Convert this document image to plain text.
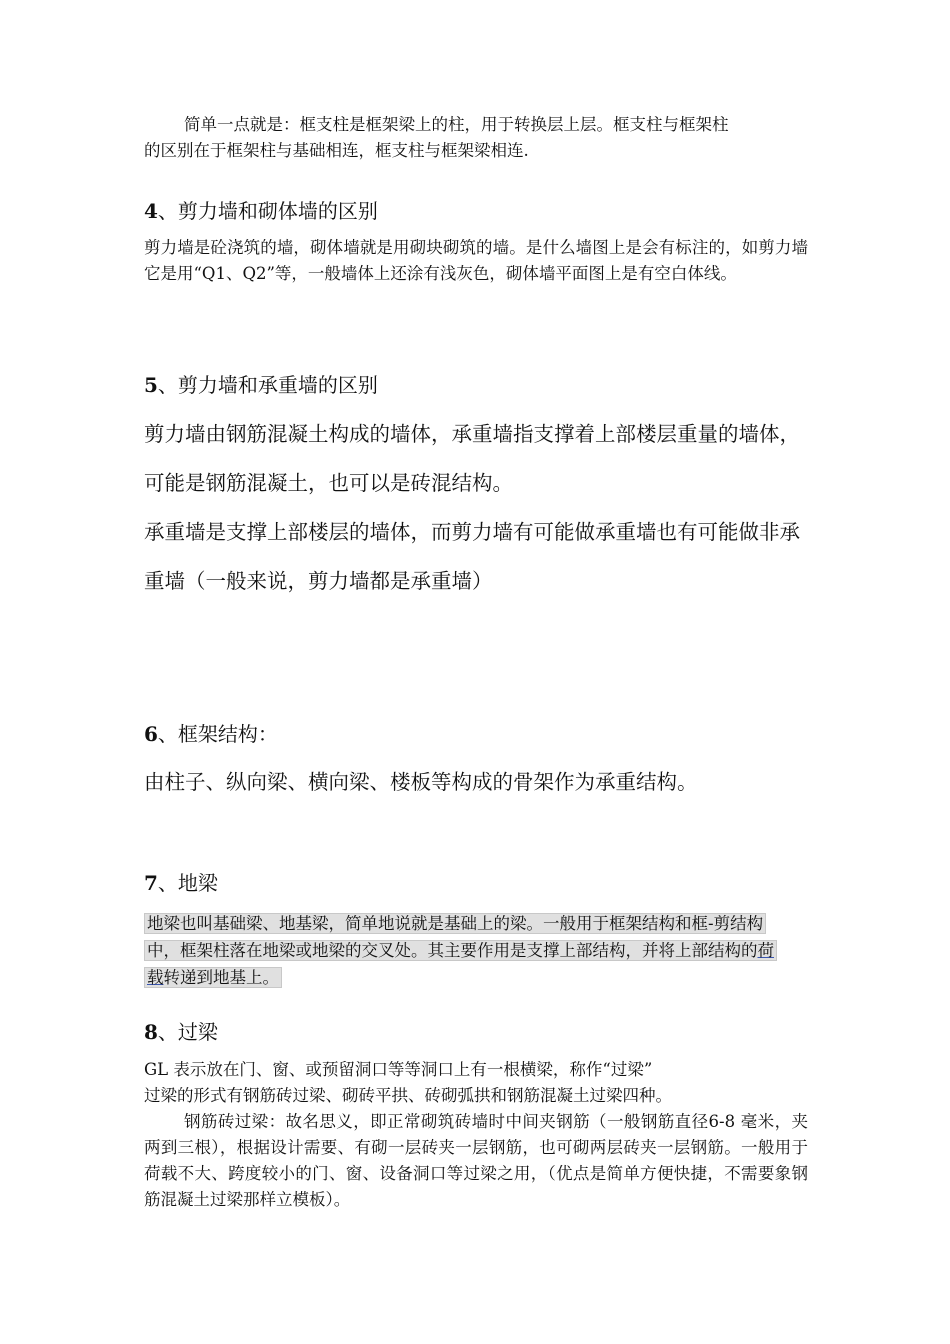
简单一点就是：框支柱是框架梁上的柱，用于转换层上层。框支柱与框架柱
的区别在于框架柱与基础相连，框支柱与框架梁相连.
4、剪力墙和砌体墙的区别
剪力墙是砼浇筑的墙，砌体墙就是用砌块砌筑的墙。是什么墙图上是会有标注的，如剪力墙它是用“Q1、Q2”等，一般墙体上还涂有浅灰色，砌体墙平面图上是有空白体线。
5、剪力墙和承重墙的区别
剪力墙由钢筋混凝土构成的墙体，承重墙指支撑着上部楼层重量的墙体，可能是钢筋混凝土，也可以是砖混结构。
承重墙是支撑上部楼层的墙体，而剪力墙有可能做承重墙也有可能做非承重墙（一般来说，剪力墙都是承重墙）
6、框架结构：
由柱子、纵向梁、横向梁、楼板等构成的骨架作为承重结构。
7、地梁
地梁也叫基础梁、地基梁，简单地说就是基础上的梁。一般用于框架结构和框-剪结构
中，框架柱落在地梁或地梁的交叉处。其主要作用是支撑上部结构，并将上部结构的荷
载转递到地基上。
8、过梁
GL 表示放在门、窗、或预留洞口等等洞口上有一根横梁，称作“过梁”
过梁的形式有钢筋砖过梁、砌砖平拱、砖砌弧拱和钢筋混凝土过梁四种。
钢筋砖过梁：故名思义，即正常砌筑砖墙时中间夹钢筋（一般钢筋直径6-8 毫米，夹两到三根），根据设计需要、有砌一层砖夹一层钢筋，也可砌两层砖夹一层钢筋。一般用于荷载不大、跨度较小的门、窗、设备洞口等过梁之用，（优点是简单方便快捷，不需要象钢筋混凝土过梁那样立模板）。
